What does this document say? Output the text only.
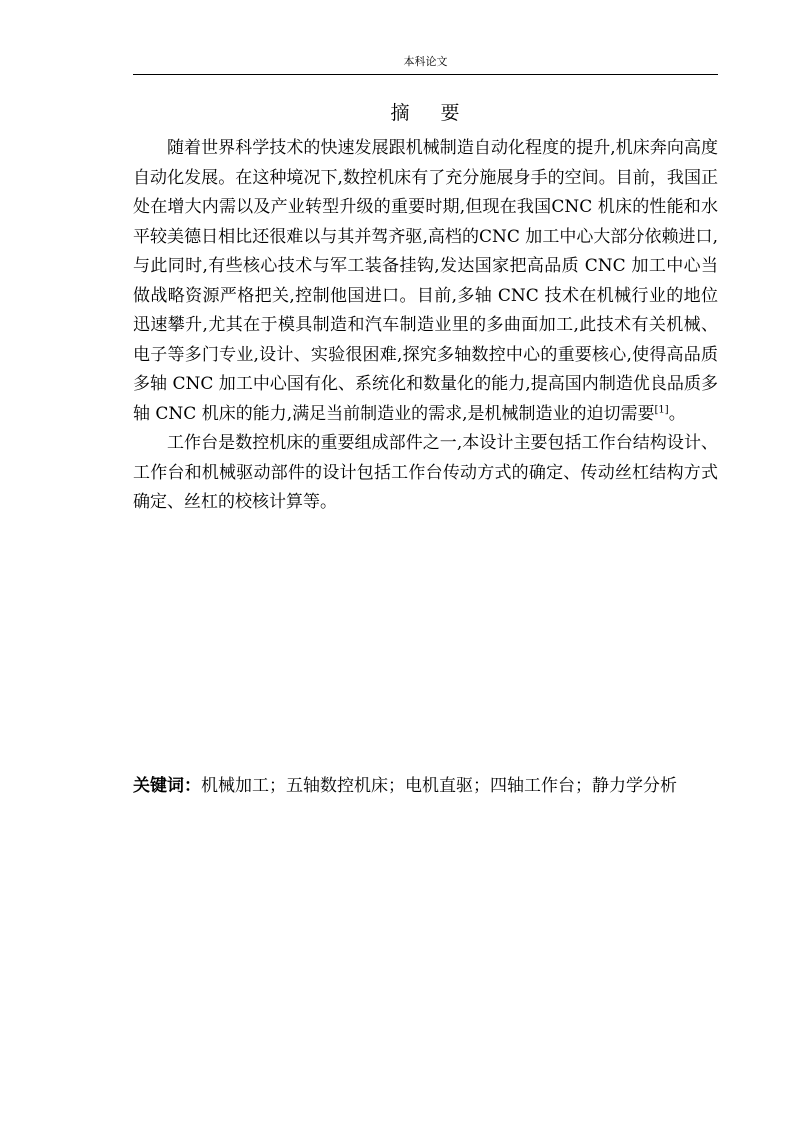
本科论文
摘 要

随着世界科学技术的快速发展跟机械制造自动化程度的提升,机床奔向高度自动化发展。在这种境况下,数控机床有了充分施展身手的空间。目前，我国正处在增大内需以及产业转型升级的重要时期,但现在我国CNC 机床的性能和水平较美德日相比还很难以与其并驾齐驱,高档的CNC 加工中心大部分依赖进口,与此同时,有些核心技术与军工装备挂钩,发达国家把高品质 CNC 加工中心当做战略资源严格把关,控制他国进口。目前,多轴 CNC 技术在机械行业的地位迅速攀升,尤其在于模具制造和汽车制造业里的多曲面加工,此技术有关机械、电子等多门专业,设计、实验很困难,探究多轴数控中心的重要核心,使得高品质多轴 CNC 加工中心国有化、系统化和数量化的能力,提高国内制造优良品质多轴 CNC 机床的能力,满足当前制造业的需求,是机械制造业的迫切需要[1]。

工作台是数控机床的重要组成部件之一,本设计主要包括工作台结构设计、工作台和机械驱动部件的设计包括工作台传动方式的确定、传动丝杠结构方式确定、丝杠的校核计算等。

关键词：机械加工；五轴数控机床；电机直驱；四轴工作台；静力学分析
